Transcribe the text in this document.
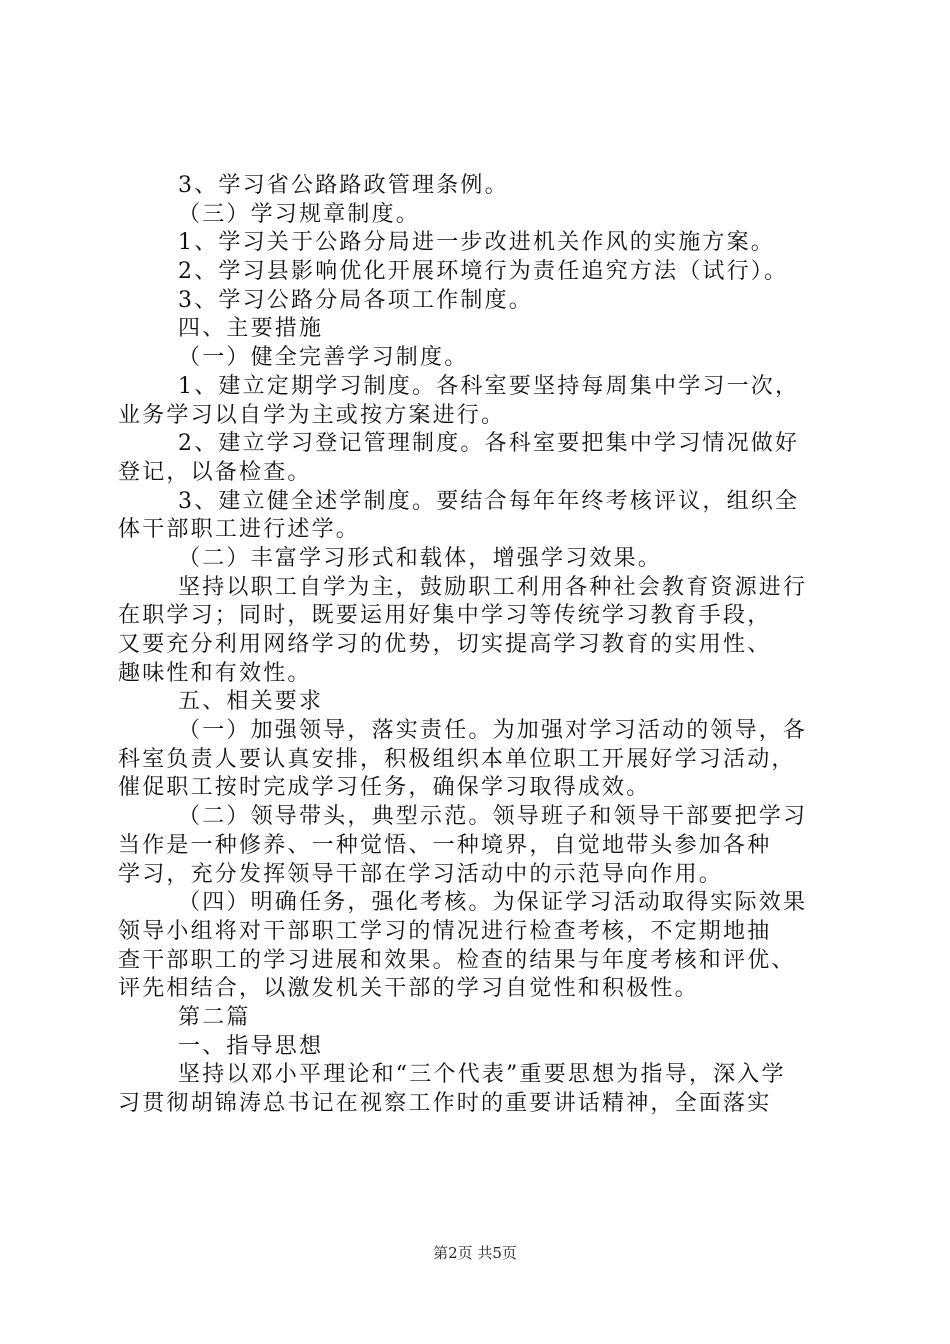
3、学习省公路路政管理条例。
（三）学习规章制度。
1、学习关于公路分局进一步改进机关作风的实施方案。
2、学习县影响优化开展环境行为责任追究方法（试行）。
3、学习公路分局各项工作制度。
四、主要措施
（一）健全完善学习制度。
1、建立定期学习制度。各科室要坚持每周集中学习一次，
业务学习以自学为主或按方案进行。
2、建立学习登记管理制度。各科室要把集中学习情况做好
登记，以备检查。
3、建立健全述学制度。要结合每年年终考核评议，组织全
体干部职工进行述学。
（二）丰富学习形式和载体，增强学习效果。
坚持以职工自学为主，鼓励职工利用各种社会教育资源进行
在职学习；同时，既要运用好集中学习等传统学习教育手段，
又要充分利用网络学习的优势，切实提高学习教育的实用性、
趣味性和有效性。
五、相关要求
（一）加强领导，落实责任。为加强对学习活动的领导，各
科室负责人要认真安排，积极组织本单位职工开展好学习活动，
催促职工按时完成学习任务，确保学习取得成效。
（二）领导带头，典型示范。领导班子和领导干部要把学习
当作是一种修养、一种觉悟、一种境界，自觉地带头参加各种
学习，充分发挥领导干部在学习活动中的示范导向作用。
（四）明确任务，强化考核。为保证学习活动取得实际效果
领导小组将对干部职工学习的情况进行检查考核，不定期地抽
查干部职工的学习进展和效果。检查的结果与年度考核和评优、
评先相结合，以激发机关干部的学习自觉性和积极性。
第二篇
一、指导思想
坚持以邓小平理论和“三个代表”重要思想为指导，深入学
习贯彻胡锦涛总书记在视察工作时的重要讲话精神，全面落实
第2页 共5页
